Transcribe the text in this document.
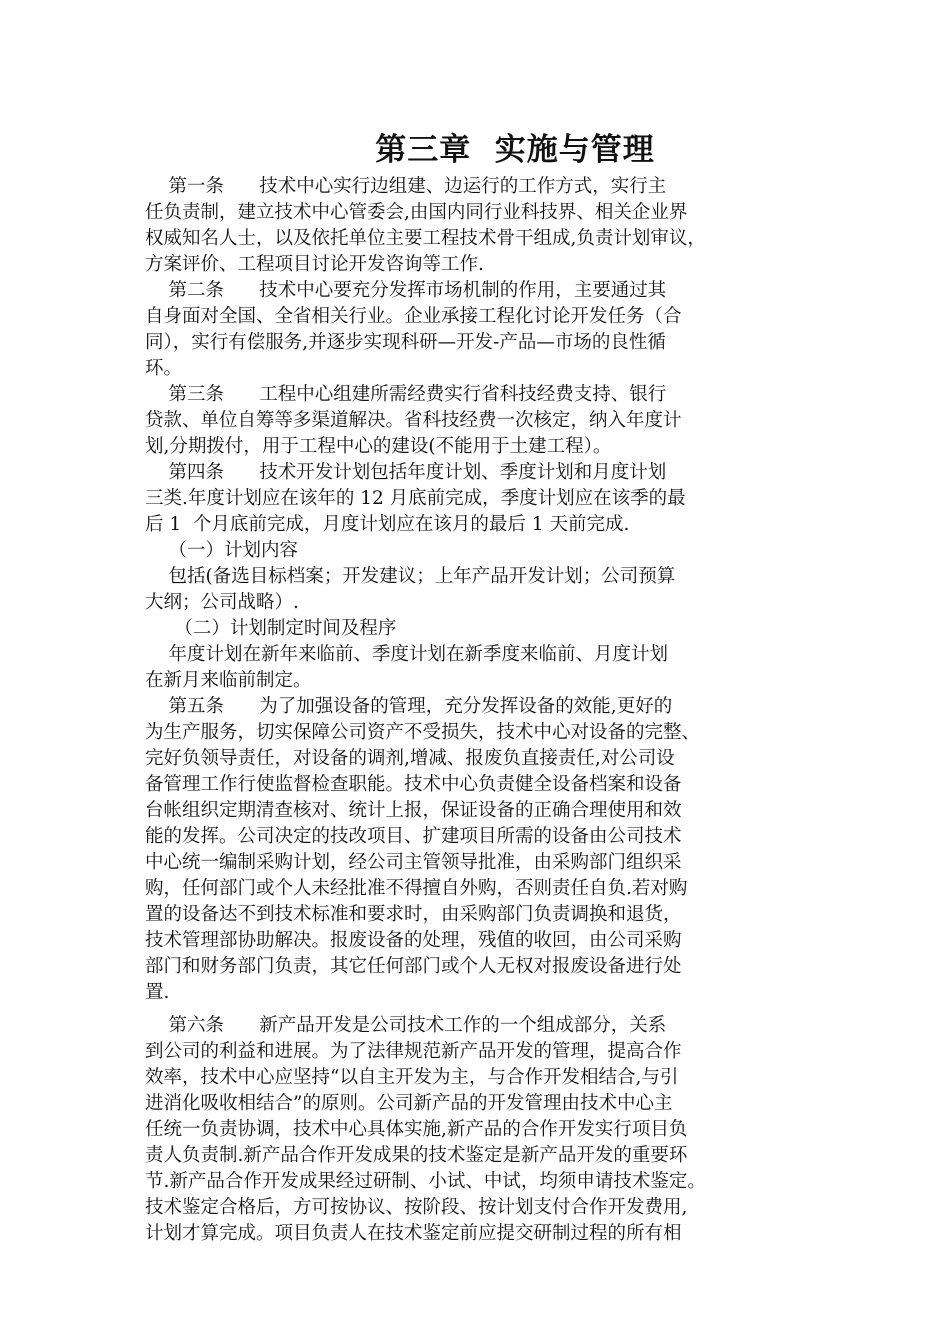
第三章  实施与管理
第一条      技术中心实行边组建、边运行的工作方式，实行主
任负责制，建立技术中心管委会,由国内同行业科技界、相关企业界
权威知名人士，以及依托单位主要工程技术骨干组成,负责计划审议，
方案评价、工程项目讨论开发咨询等工作.
第二条      技术中心要充分发挥市场机制的作用，主要通过其
自身面对全国、全省相关行业。企业承接工程化讨论开发任务（合
同），实行有偿服务,并逐步实现科研—开发-产品—市场的良性循
环。
第三条      工程中心组建所需经费实行省科技经费支持、银行
贷款、单位自筹等多渠道解决。省科技经费一次核定，纳入年度计
划,分期拨付，用于工程中心的建设(不能用于土建工程）。
第四条      技术开发计划包括年度计划、季度计划和月度计划
三类.年度计划应在该年的 12 月底前完成，季度计划应在该季的最
后 1  个月底前完成，月度计划应在该月的最后 1 天前完成.
（一）计划内容
包括(备选目标档案；开发建议；上年产品开发计划；公司预算
大纲；公司战略）.
（二）计划制定时间及程序
年度计划在新年来临前、季度计划在新季度来临前、月度计划
在新月来临前制定。
第五条      为了加强设备的管理，充分发挥设备的效能,更好的
为生产服务，切实保障公司资产不受损失，技术中心对设备的完整、
完好负领导责任，对设备的调剂,增减、报废负直接责任,对公司设
备管理工作行使监督检查职能。技术中心负责健全设备档案和设备
台帐组织定期清查核对、统计上报，保证设备的正确合理使用和效
能的发挥。公司决定的技改项目、扩建项目所需的设备由公司技术
中心统一编制采购计划，经公司主管领导批准，由采购部门组织采
购，任何部门或个人未经批准不得擅自外购，否则责任自负.若对购
置的设备达不到技术标准和要求时，由采购部门负责调换和退货，
技术管理部协助解决。报废设备的处理，残值的收回，由公司采购
部门和财务部门负责，其它任何部门或个人无权对报废设备进行处
置.
第六条      新产品开发是公司技术工作的一个组成部分，关系
到公司的利益和进展。为了法律规范新产品开发的管理，提高合作
效率，技术中心应坚持“以自主开发为主，与合作开发相结合,与引
进消化吸收相结合”的原则。公司新产品的开发管理由技术中心主
任统一负责协调，技术中心具体实施,新产品的合作开发实行项目负
责人负责制.新产品合作开发成果的技术鉴定是新产品开发的重要环
节.新产品合作开发成果经过研制、小试、中试，均须申请技术鉴定。
技术鉴定合格后，方可按协议、按阶段、按计划支付合作开发费用,
计划才算完成。项目负责人在技术鉴定前应提交研制过程的所有相
